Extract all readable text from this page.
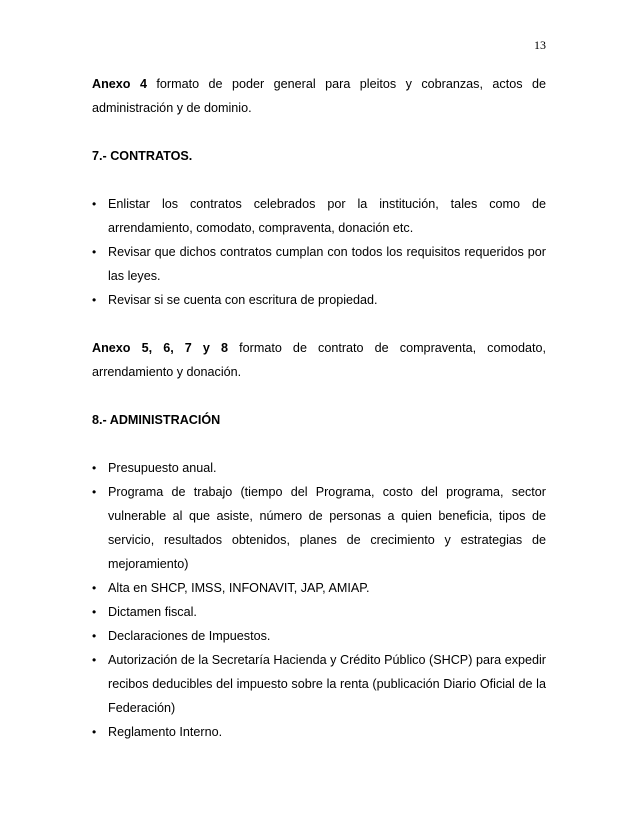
13

Anexo 4 formato de poder general para pleitos y cobranzas, actos de administración y de dominio.

7.- CONTRATOS.

• Enlistar los contratos celebrados por la institución, tales como de arrendamiento, comodato, compraventa, donación etc.
• Revisar que dichos contratos cumplan con todos los requisitos requeridos por las leyes.
• Revisar si se cuenta con escritura de propiedad.

Anexo 5, 6, 7 y 8 formato de contrato de compraventa, comodato, arrendamiento y donación.

8.- ADMINISTRACIÓN

• Presupuesto anual.
• Programa de trabajo (tiempo del Programa, costo del programa, sector vulnerable al que asiste, número de personas a quien beneficia, tipos de servicio, resultados obtenidos, planes de crecimiento y estrategias de mejoramiento)
• Alta en SHCP, IMSS, INFONAVIT, JAP, AMIAP.
• Dictamen fiscal.
• Declaraciones de Impuestos.
• Autorización de la Secretaría Hacienda y Crédito Público (SHCP) para expedir recibos deducibles del impuesto sobre la renta (publicación Diario Oficial de la Federación)
• Reglamento Interno.
